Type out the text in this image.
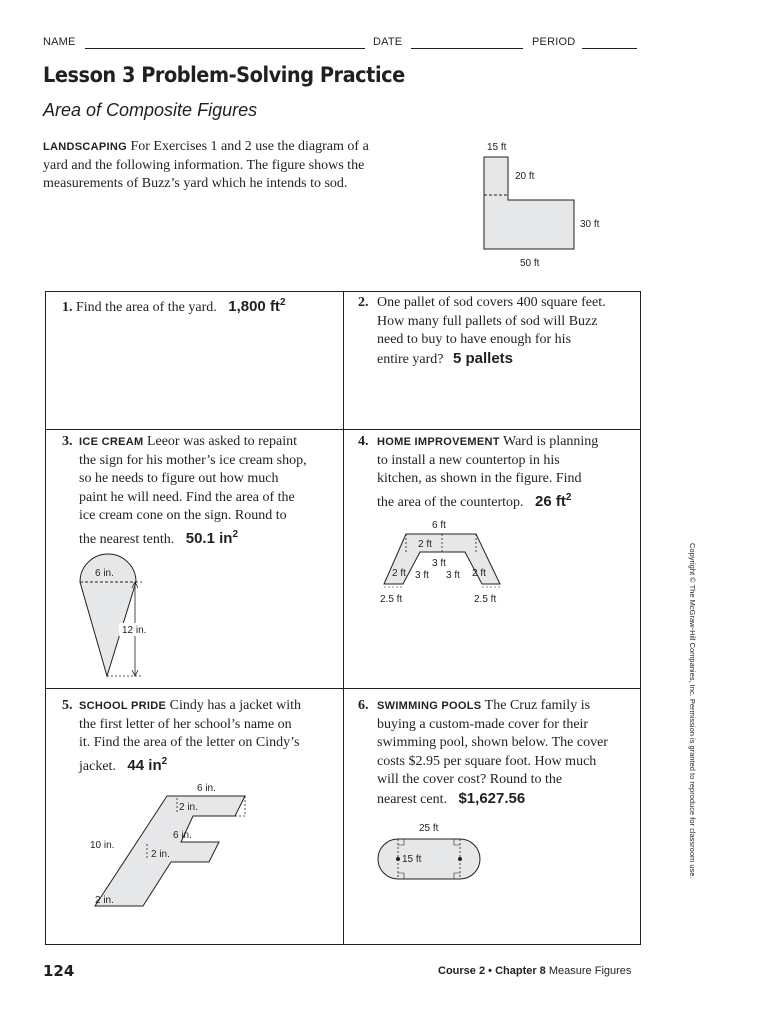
NAME	DATE	PERIOD
Lesson 3 Problem-Solving Practice
Area of Composite Figures
LANDSCAPING For Exercises 1 and 2 use the diagram of a
yard and the following information. The figure shows the
measurements of Buzz’s yard which he intends to sod.
15 ft
20 ft
30 ft
50 ft
1. Find the area of the yard. 1,800 $ft^2$	2. One pallet of sod covers 400 square feet.
How many full pallets of sod will Buzz
need to buy to have enough for his
entire yard? 5 pallets
3. ICE CREAM Leeor was asked to repaint
the sign for his mother’s ice cream shop,
so he needs to figure out how much
paint he will need. Find the area of the
ice cream cone on the sign. Round to
the nearest tenth. 50.1 $in^2$
6 in.
12 in.
4. HOME IMPROVEMENT Ward is planning
to install a new countertop in his
kitchen, as shown in the figure. Find
the area of the countertop. 26 $ft^2$
6 ft
2 ft
3 ft
2 ft 3 ft 3 ft 2 ft
2.5 ft	2.5 ft
5. SCHOOL PRIDE Cindy has a jacket with
the first letter of her school’s name on
it. Find the area of the letter on Cindy’s
jacket. 44 $in^2$
6 in.
2 in.
6 in.
2 in.
10 in.
2 in.
6. SWIMMING POOLS The Cruz family is
buying a custom-made cover for their
swimming pool, shown below. The cover
costs $2.95 per square foot. How much
will the cover cost? Round to the
nearest cent. $1,627.56
25 ft
15 ft	Copyright © The McGraw-Hill Companies, Inc. Permission is granted to reproduce for classroom use.
124	Course 2 • Chapter 8 Measure Figures
